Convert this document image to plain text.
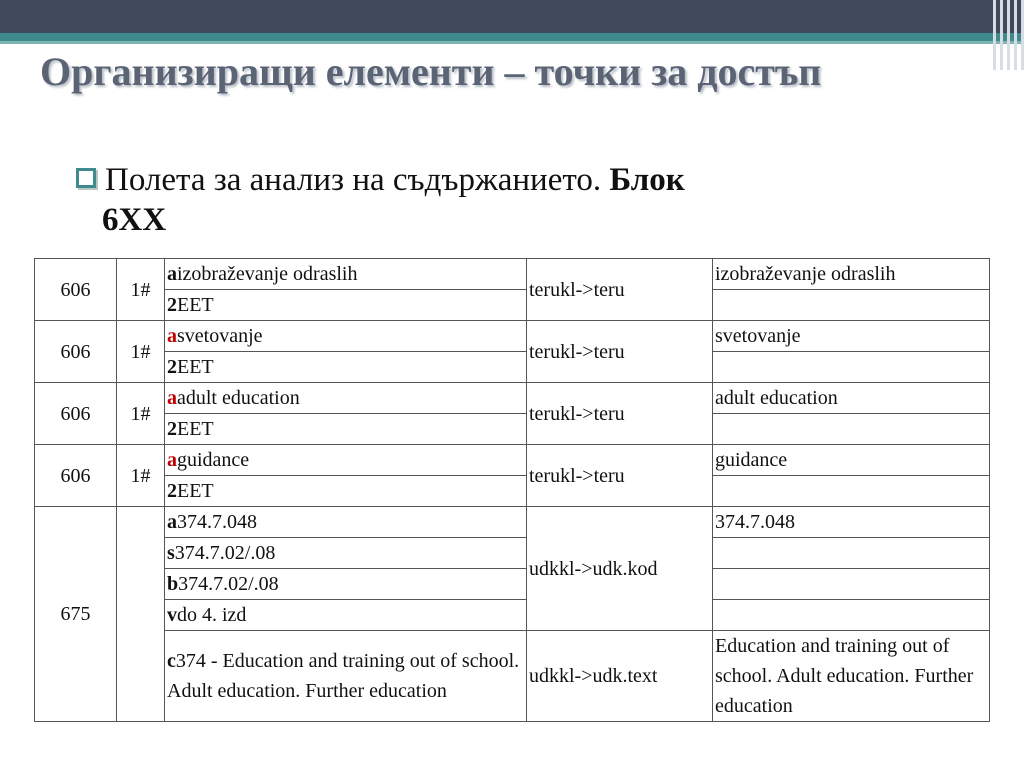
Организиращи елементи – точки за достъп
Полета за анализ на съдържанието. Блок
6XX
606	1#	aizobraževanje odraslih	terukl->teru	izobraževanje odraslih
		2EET		
606	1#	asvetovanje	terukl->teru	svetovanje
		2EET		
606	1#	aadult education	terukl->teru	adult education
		2EET		
606	1#	aguidance	terukl->teru	guidance
		2EET		
675		a374.7.048	udkkl->udk.kod	374.7.048
		s374.7.02/.08		
		b374.7.02/.08		
		vdo 4. izd		
		c374 - Education and training out of school. Adult education. Further education	udkkl->udk.text	Education and training out of school. Adult education. Further education
